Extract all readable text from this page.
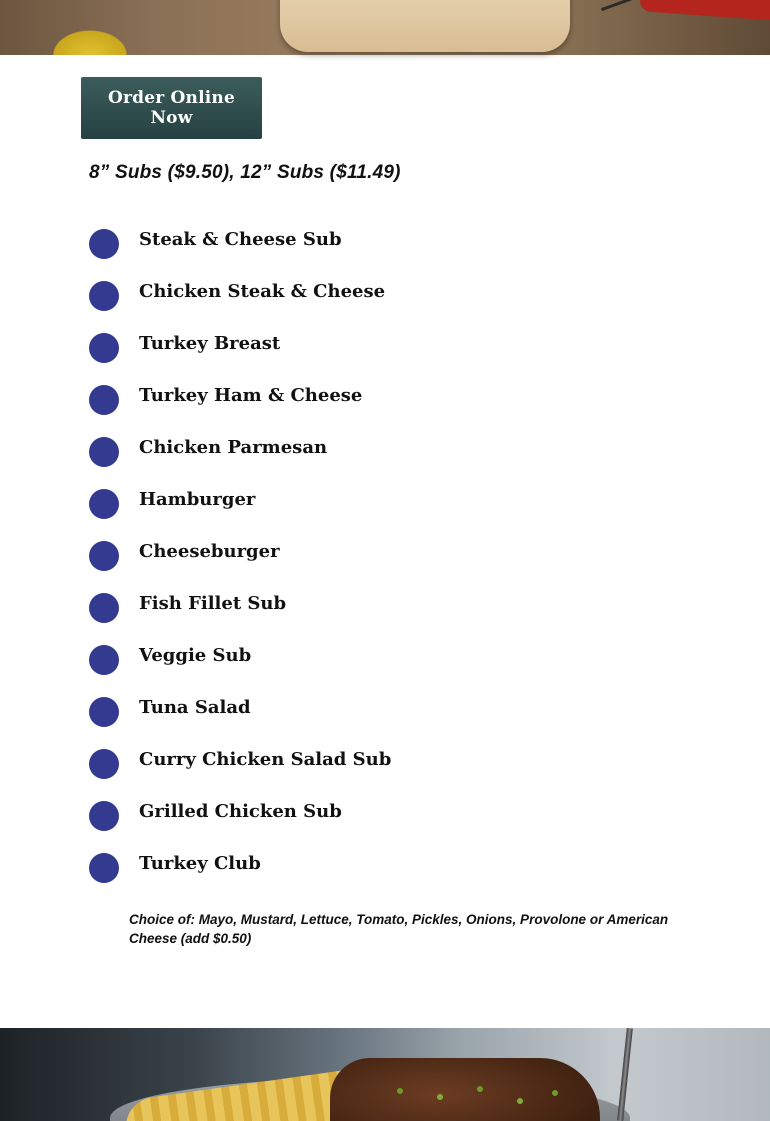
Order Online Now

8” Subs ($9.50), 12” Subs ($11.49)

Steak & Cheese Sub
Chicken Steak & Cheese
Turkey Breast
Turkey Ham & Cheese
Chicken Parmesan
Hamburger
Cheeseburger
Fish Fillet Sub
Veggie Sub
Tuna Salad
Curry Chicken Salad Sub
Grilled Chicken Sub
Turkey Club

Choice of: Mayo, Mustard, Lettuce, Tomato, Pickles, Onions, Provolone or American Cheese (add $0.50)
